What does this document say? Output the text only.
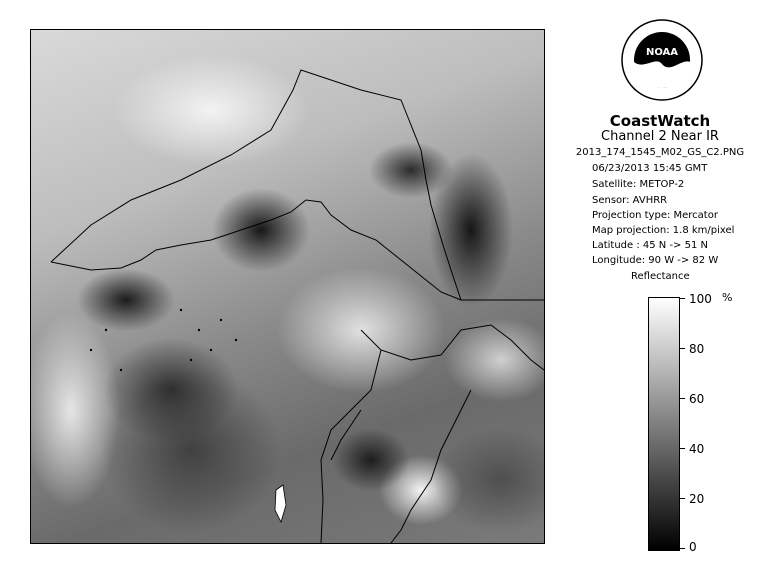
NOAA
CoastWatch
Channel 2 Near IR
2013_174_1545_M02_GS_C2.PNG
06/23/2013 15:45 GMT
Satellite: METOP-2
Sensor: AVHRR
Projection type: Mercator
Map projection: 1.8 km/pixel
Latitude : 45 N -> 51 N
Longitude: 90 W -> 82 W
Reflectance
%
100
80
60
40
20
0
